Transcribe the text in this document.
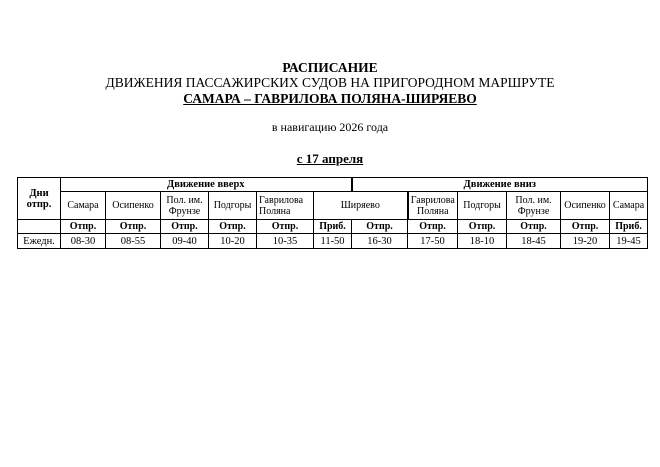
РАСПИСАНИЕ
ДВИЖЕНИЯ ПАССАЖИРСКИХ СУДОВ НА ПРИГОРОДНОМ МАРШРУТЕ
САМАРА – ГАВРИЛОВА ПОЛЯНА-ШИРЯЕВО
в навигацию 2026 года
с 17 апреля
Дни
отпр.	Движение вверх						Движение вниз					
	Самара	Осипенко	Пол. им. Фрунзе	Подгоры	Гаврилова Поляна	Ширяево		Гаврилова Поляна	Подгоры	Пол. им. Фрунзе	Осипенко	Самара
	Отпр.	Отпр.	Отпр.	Отпр.	Отпр.	Приб.	Отпр.	Отпр.	Отпр.	Отпр.	Отпр.	Приб.
Ежедн.	08-30	08-55	09-40	10-20	10-35	11-50	16-30	17-50	18-10	18-45	19-20	19-45
